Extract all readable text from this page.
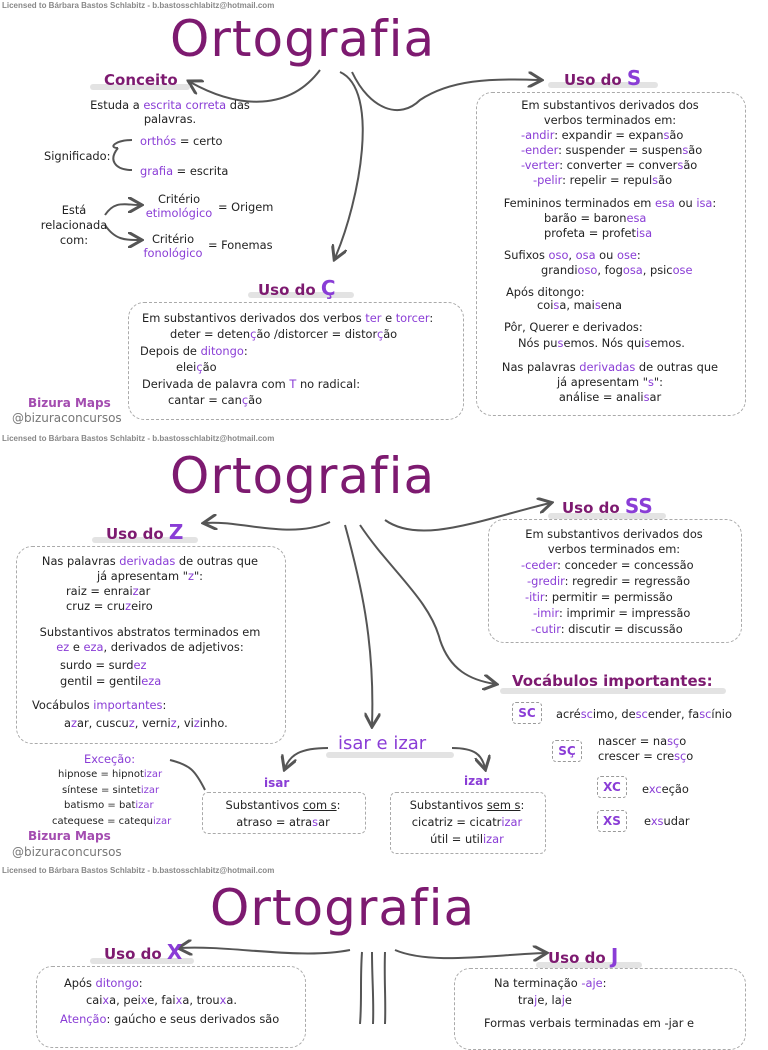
Licensed to Bárbara Bastos Schlabitz - b.bastosschlabitz@hotmail.com
Ortografia
Conceito
Estuda a escrita correta das
palavras.
Significado:
orthós = certo
grafia = escrita
Está
relacionada
com:
Critério
etimológico = Origem
Critério
fonológico
= Fonemas
Uso do S
Em substantivos derivados dos
verbos terminados em:
-andir: expandir = expansão
-ender: suspender = suspensão
-verter: converter = conversão
-pelir: repelir = repulsão
Femininos terminados em esa ou isa:
barão = baronesa
profeta = profetisa
Sufixos oso, osa ou ose:
grandioso, fogosa, psicose
Após ditongo:
coisa, maisena
Pôr, Querer e derivados:
Nós pusemos. Nós quisemos.
Nas palavras derivadas de outras que
já apresentam "s":
análise = analisar
Uso do Ç
Em substantivos derivados dos verbos ter e torcer:
deter = detenção /distorcer = distorção
Depois de ditongo:
eleição
Derivada de palavra com T no radical:
cantar = canção
Bizura Maps
@bizuraconcursos
Licensed to Bárbara Bastos Schlabitz - b.bastosschlabitz@hotmail.com
Ortografia
Uso do Z
Nas palavras derivadas de outras que
já apresentam "z":
raiz = enraizar
cruz = cruzeiro
Substantivos abstratos terminados em
ez e eza, derivados de adjetivos:
surdo = surdez
gentil = gentileza
Vocábulos importantes:
azar, cuscuz, verniz, vizinho.
Uso do SS
Em substantivos derivados dos
verbos terminados em:
-ceder: conceder = concessão
-gredir: regredir = regressão
-itir: permitir = permissão
-imir: imprimir = impressão
-cutir: discutir = discussão
Vocábulos importantes:
SC	acréscimo, descender, fascínio
SÇ
nascer = nasço
crescer = cresço
XC	exceção
XS	exsudar
isar e izar
isar	izar
Exceção:
hipnose = hipnotizar
síntese = sintetizar
batismo = batizar
catequese = catequizar
Substantivos com s:
atraso = atrasar
Substantivos sem s:
cicatriz = cicatrizar
útil = utilizar
Bizura Maps
@bizuraconcursos
Licensed to Bárbara Bastos Schlabitz - b.bastosschlabitz@hotmail.com
Ortografia
Uso do X
Após ditongo:
caixa, peixe, faixa, trouxa.
Atenção: gaúcho e seus derivados são
Uso do J
Na terminação -aje:
traje, laje
Formas verbais terminadas em -jar e
